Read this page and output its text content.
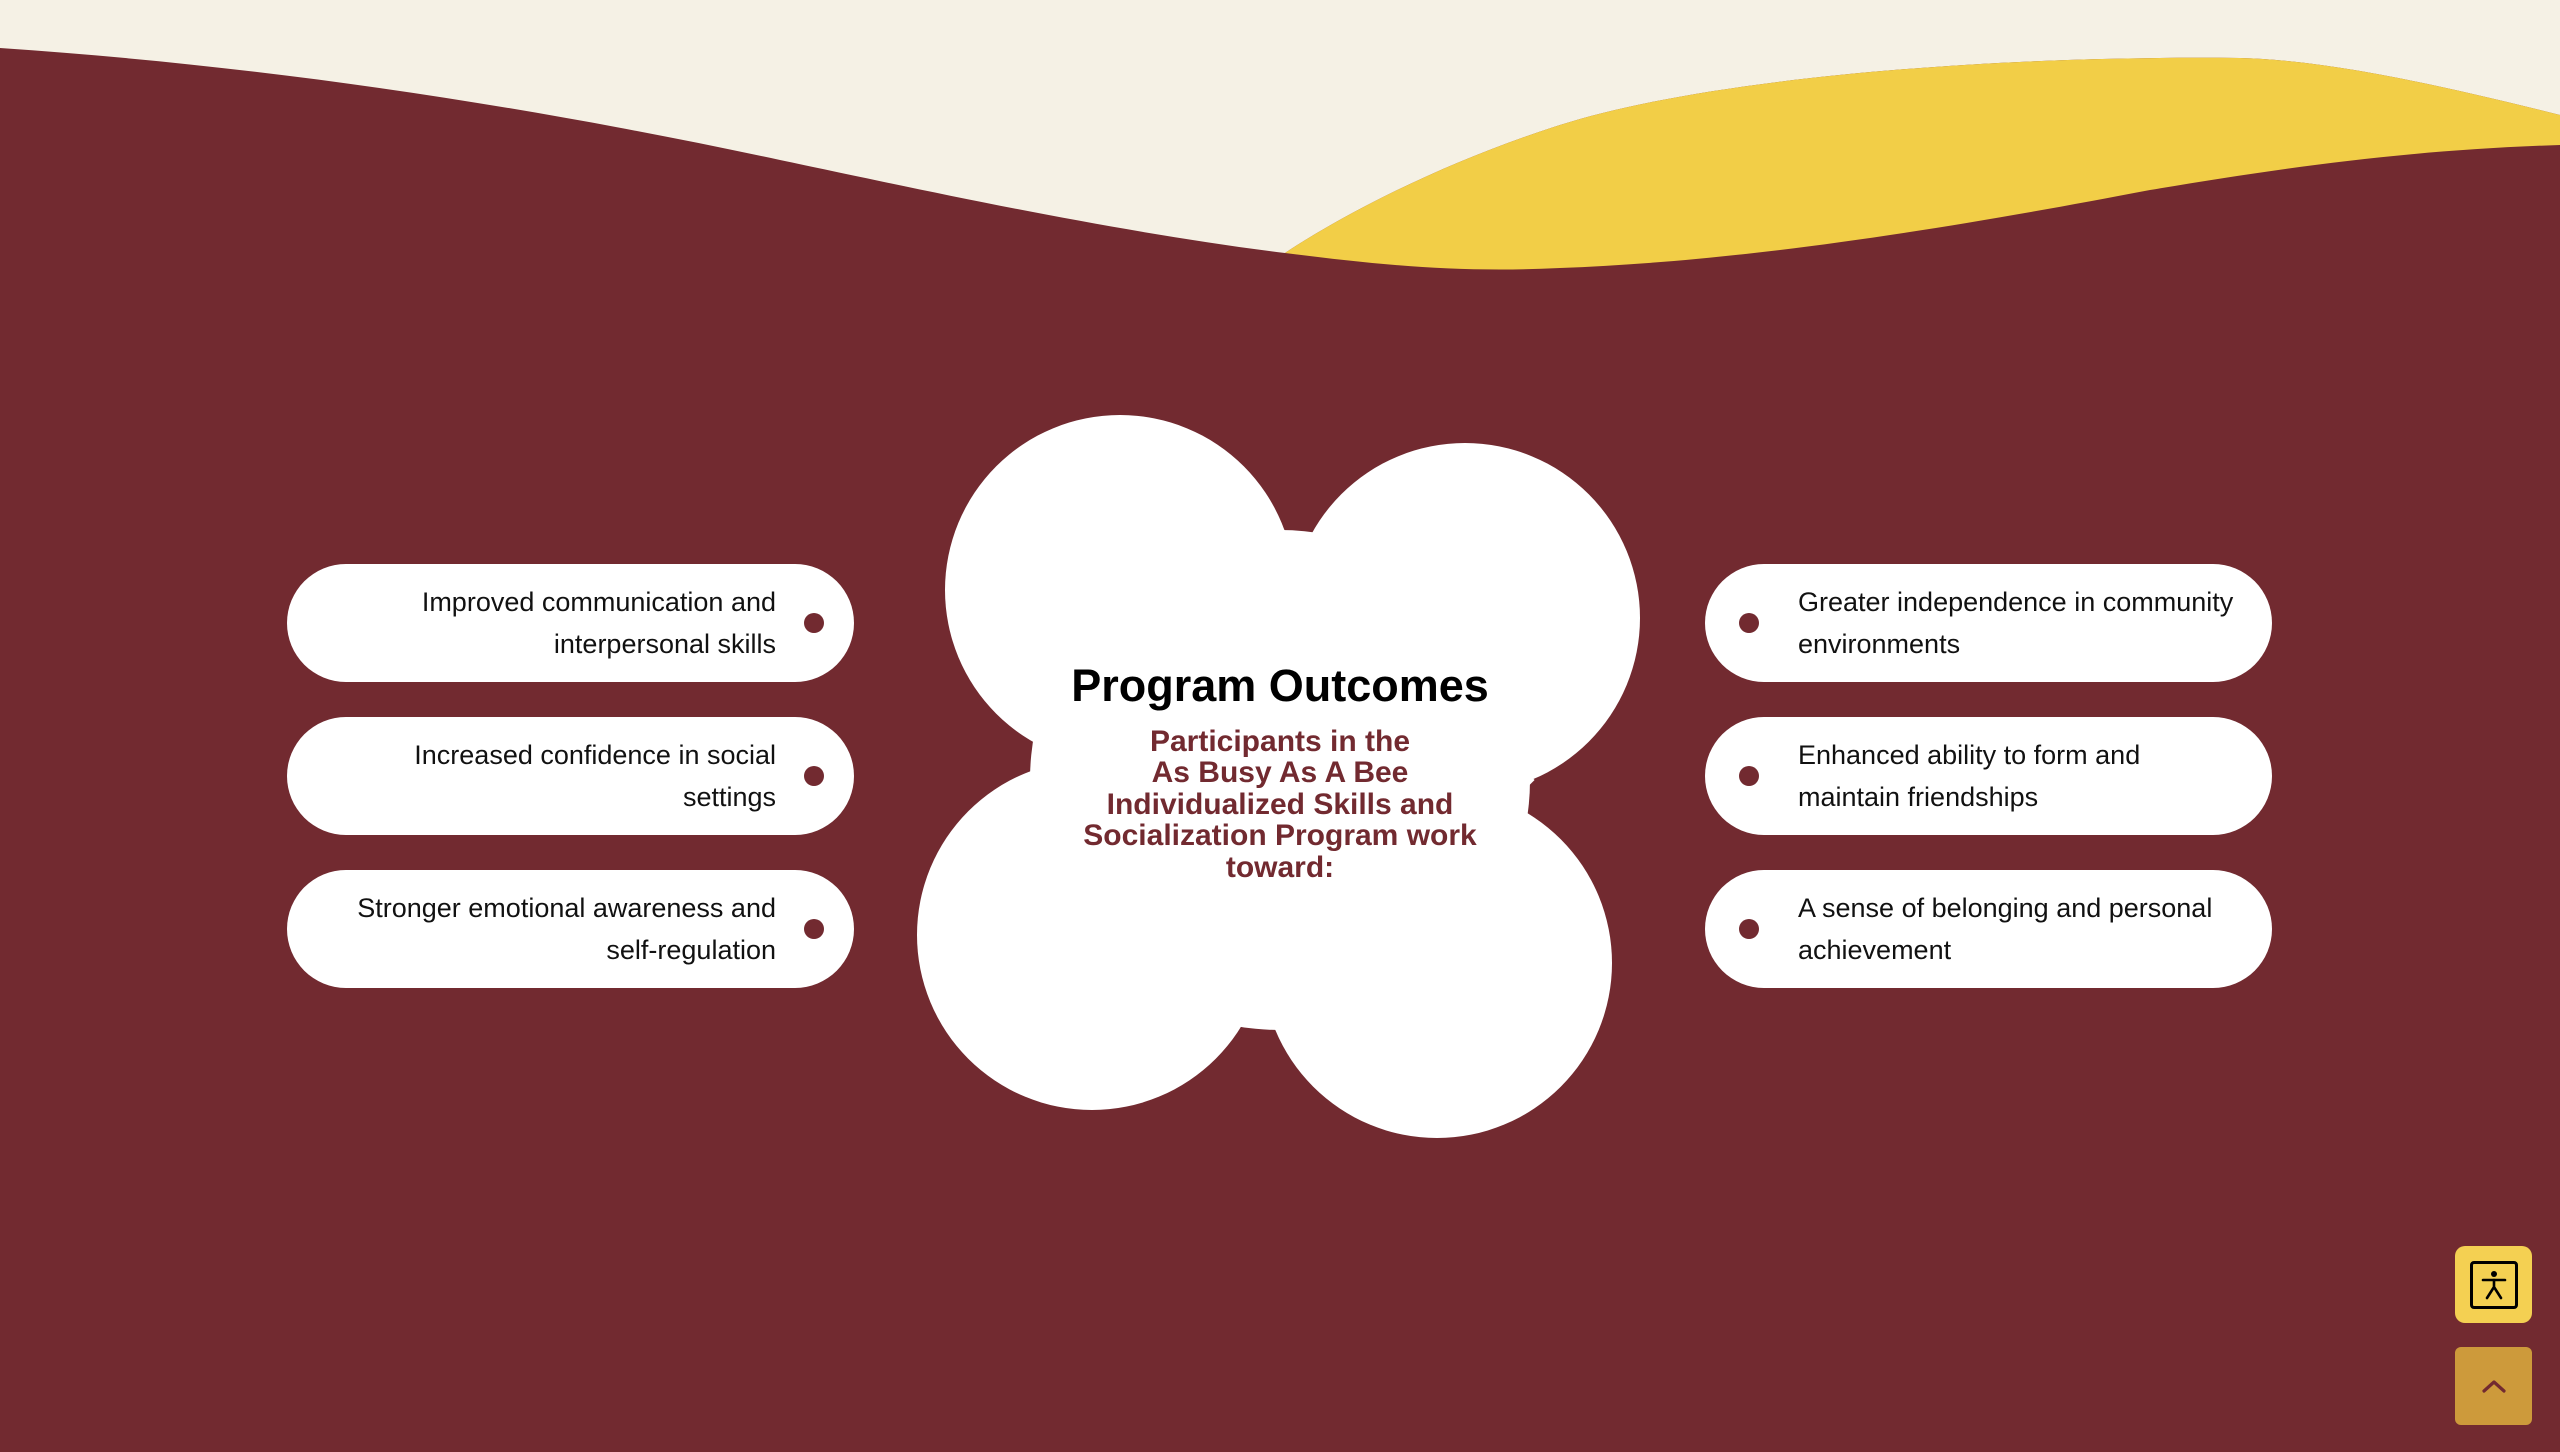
Program Outcomes
Participants in the
As Busy As A Bee
Individualized Skills and
Socialization Program work
toward:
Improved communication and
interpersonal skills
Increased confidence in social
settings
Stronger emotional awareness and
self-regulation
Greater independence in community
environments
Enhanced ability to form and
maintain friendships
A sense of belonging and personal
achievement
